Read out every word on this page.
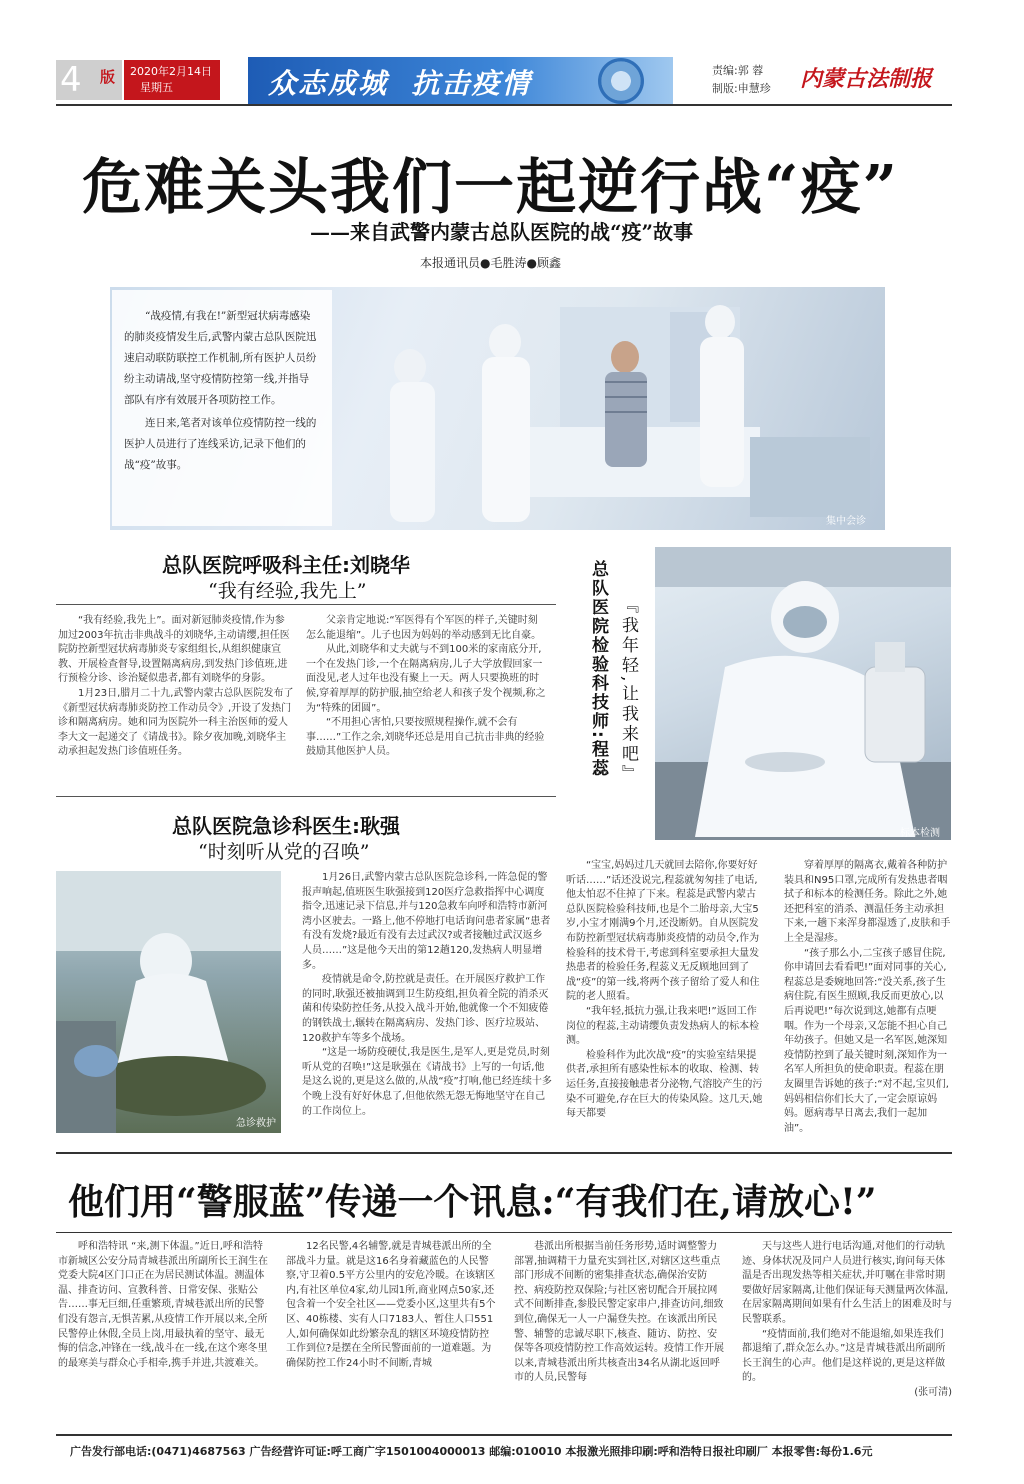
4 版 2020年2月14日
星期五	众志成城 抗击疫情	责编:郭 蓉
制版:申慧珍 内蒙古法制报
危难关头我们一起逆行战“疫”
——来自武警内蒙古总队医院的战“疫”故事
本报通讯员●毛胜涛●顾鑫

“战疫情,有我在!”新型冠状病毒感染的肺炎疫情发生后,武警内蒙古总队医院迅速启动联防联控工作机制,所有医护人员纷纷主动请战,坚守疫情防控第一线,并指导部队有序有效展开各项防控工作。

连日来,笔者对该单位疫情防控一线的医护人员进行了连线采访,记录下他们的战“疫”故事。

集中会诊
总队医院呼吸科主任:刘晓华
“我有经验,我先上”

“我有经验,我先上”。面对新冠肺炎疫情,作为参加过2003年抗击非典战斗的刘晓华,主动请缨,担任医院防控新型冠状病毒肺炎专家组组长,从组织健康宣教、开展检查督导,设置隔离病房,到发热门诊值班,进行预检分诊、诊治疑似患者,都有刘晓华的身影。

1月23日,腊月二十九,武警内蒙古总队医院发布了《新型冠状病毒肺炎防控工作动员令》,开设了发热门诊和隔离病房。她和同为医院外一科主治医师的爱人李大文一起递交了《请战书》。除夕夜加晚,刘晓华主动承担起发热门诊值班任务。

父亲肯定地说:“军医得有个军医的样子,关键时刻怎么能退缩”。儿子也因为妈妈的举动感到无比自豪。

从此,刘晓华和丈夫就与不到100米的家南底分开,一个在发热门诊,一个在隔离病房,儿子大学放假回家一面没见,老人过年也没有聚上一天。两人只要换班的时候,穿着厚厚的防护服,抽空给老人和孩子发个视频,称之为“特殊的团圆”。

“不用担心害怕,只要按照规程操作,就不会有事……”工作之余,刘晓华还总是用自己抗击非典的经验鼓励其他医护人员。	总队医院检验科技师:程蕊 『我年轻,让我来吧』
标本检测
总队医院急诊科医生:耿强
“时刻听从党的召唤”
急诊救护

1月26日,武警内蒙古总队医院急诊科,一阵急促的警报声响起,值班医生耿强接到120医疗急救指挥中心调度指令,迅速记录下信息,并与120急救车向呼和浩特市新河湾小区驶去。一路上,他不停地打电话询问患者家属“患者有没有发烧?最近有没有去过武汉?或者接触过武汉返乡人员……”这是他今天出的第12趟120,发热病人明显增多。

疫情就是命令,防控就是责任。在开展医疗救护工作的同时,耿强还被抽调到卫生防疫组,担负着全院的消杀灭菌和传染防控任务,从投入战斗开始,他就像一个不知疲倦的钢铁战士,辗转在隔离病房、发热门诊、医疗垃圾站、120救护车等多个战场。

“这是一场防疫硬仗,我是医生,是军人,更是党员,时刻听从党的召唤!”这是耿强在《请战书》上写的一句话,他是这么说的,更是这么做的,从战“疫”打响,他已经连续十多个晚上没有好好休息了,但他依然无怨无悔地坚守在自己的工作岗位上。

“宝宝,妈妈过几天就回去陪你,你要好好听话……”话还没说完,程蕊就匆匆挂了电话,他太怕忍不住掉了下来。程蕊是武警内蒙古总队医院检验科技师,也是个二胎母亲,大宝5岁,小宝才刚满9个月,还没断奶。自从医院发布防控新型冠状病毒肺炎疫情的动员令,作为检验科的技术骨干,考虑到科室要承担大量发热患者的检验任务,程蕊义无反顾地回到了战“疫”的第一线,将两个孩子留给了爱人和住院的老人照看。

“我年轻,抵抗力强,让我来吧!”返回工作岗位的程蕊,主动请缨负责发热病人的标本检测。

检验科作为此次战“疫”的实验室结果提供者,承担所有感染性标本的收取、检测、转运任务,直接接触患者分泌物,气溶胶产生的污染不可避免,存在巨大的传染风险。这几天,她每天都要

穿着厚厚的隔离衣,戴着各种防护装具和N95口罩,完成所有发热患者咽拭子和标本的检测任务。除此之外,她还把科室的消杀、测温任务主动承担下来,一趟下来浑身都湿透了,皮肤和手上全是湿疹。

“孩子那么小,二宝孩子感冒住院,你申请回去看看吧!”面对同事的关心,程蕊总是委婉地回答:“没关系,孩子生病住院,有医生照顾,我反而更放心,以后再说吧!”每次说到这,她都有点哽咽。作为一个母亲,又怎能不担心自己年幼孩子。但她又是一名军医,她深知疫情防控到了最关键时刻,深知作为一名军人所担负的使命职责。程蕊在朋友圈里告诉她的孩子:“对不起,宝贝们,妈妈相信你们长大了,一定会原谅妈妈。愿病毒早日离去,我们一起加油”。

他们用“警服蓝”传递一个讯息:“有我们在,请放心!”

呼和浩特讯 “来,测下体温。”近日,呼和浩特市新城区公安分局青城巷派出所副所长王润生在党委大院4区门口正在为居民测试体温。测温体温、排查访问、宣教科普、日常安保、张贴公告……事无巨细,任重繁琐,青城巷派出所的民警们没有怨言,无惧苦累,从疫情工作开展以来,全所民警停止休假,全员上岗,用最执着的坚守、最无悔的信念,冲锋在一线,战斗在一线,在这个寒冬里的最寒美与群众心手相牵,携手并进,共渡难关。

12名民警,4名辅警,就是青城巷派出所的全部战斗力量。就是这16名身着藏蓝色的人民警察,守卫着0.5平方公里内的安危冷暖。在该辖区内,有社区单位4家,幼儿园1所,商业网点50家,还包含着一个安全社区——党委小区,这里共有5个区、40栋楼、实有人口7183人、暂住人口551人,如何确保如此纷繁杂乱的辖区环境疫情防控工作到位?是摆在全所民警面前的一道难题。为确保防控工作24小时不间断,青城

巷派出所根据当前任务形势,适时调整警力部署,抽调精干力量充实到社区,对辖区这些重点部门形成不间断的密集排查状态,确保治安防控、病疫防控双保险;与社区密切配合开展拉网式不间断排查,参股民警定家串户,排查访问,细致到位,确保无一人一户漏登失控。在该派出所民警、辅警的忠诚尽职下,核查、随访、防控、安保等各项疫情防控工作高效运转。疫情工作开展以来,青城巷派出所共核查出34名从湖北返回呼市的人员,民警每

天与这些人进行电话沟通,对他们的行动轨迹、身体状况及同户人员进行核实,询问每天体温是否出现发热等相关症状,并叮嘱在非常时期要做好居家隔离,让他们保证每天测量两次体温,在居家隔离期间如果有什么生活上的困难及时与民警联系。

“疫情面前,我们绝对不能退缩,如果连我们都退缩了,群众怎么办。”这是青城巷派出所副所长王润生的心声。他们是这样说的,更是这样做的。

(张可清)
广告发行部电话:(0471)4687563 广告经营许可证:呼工商广字1501004000013 邮编:010010 本报激光照排印刷:呼和浩特日报社印刷厂 本报零售:每份1.6元
